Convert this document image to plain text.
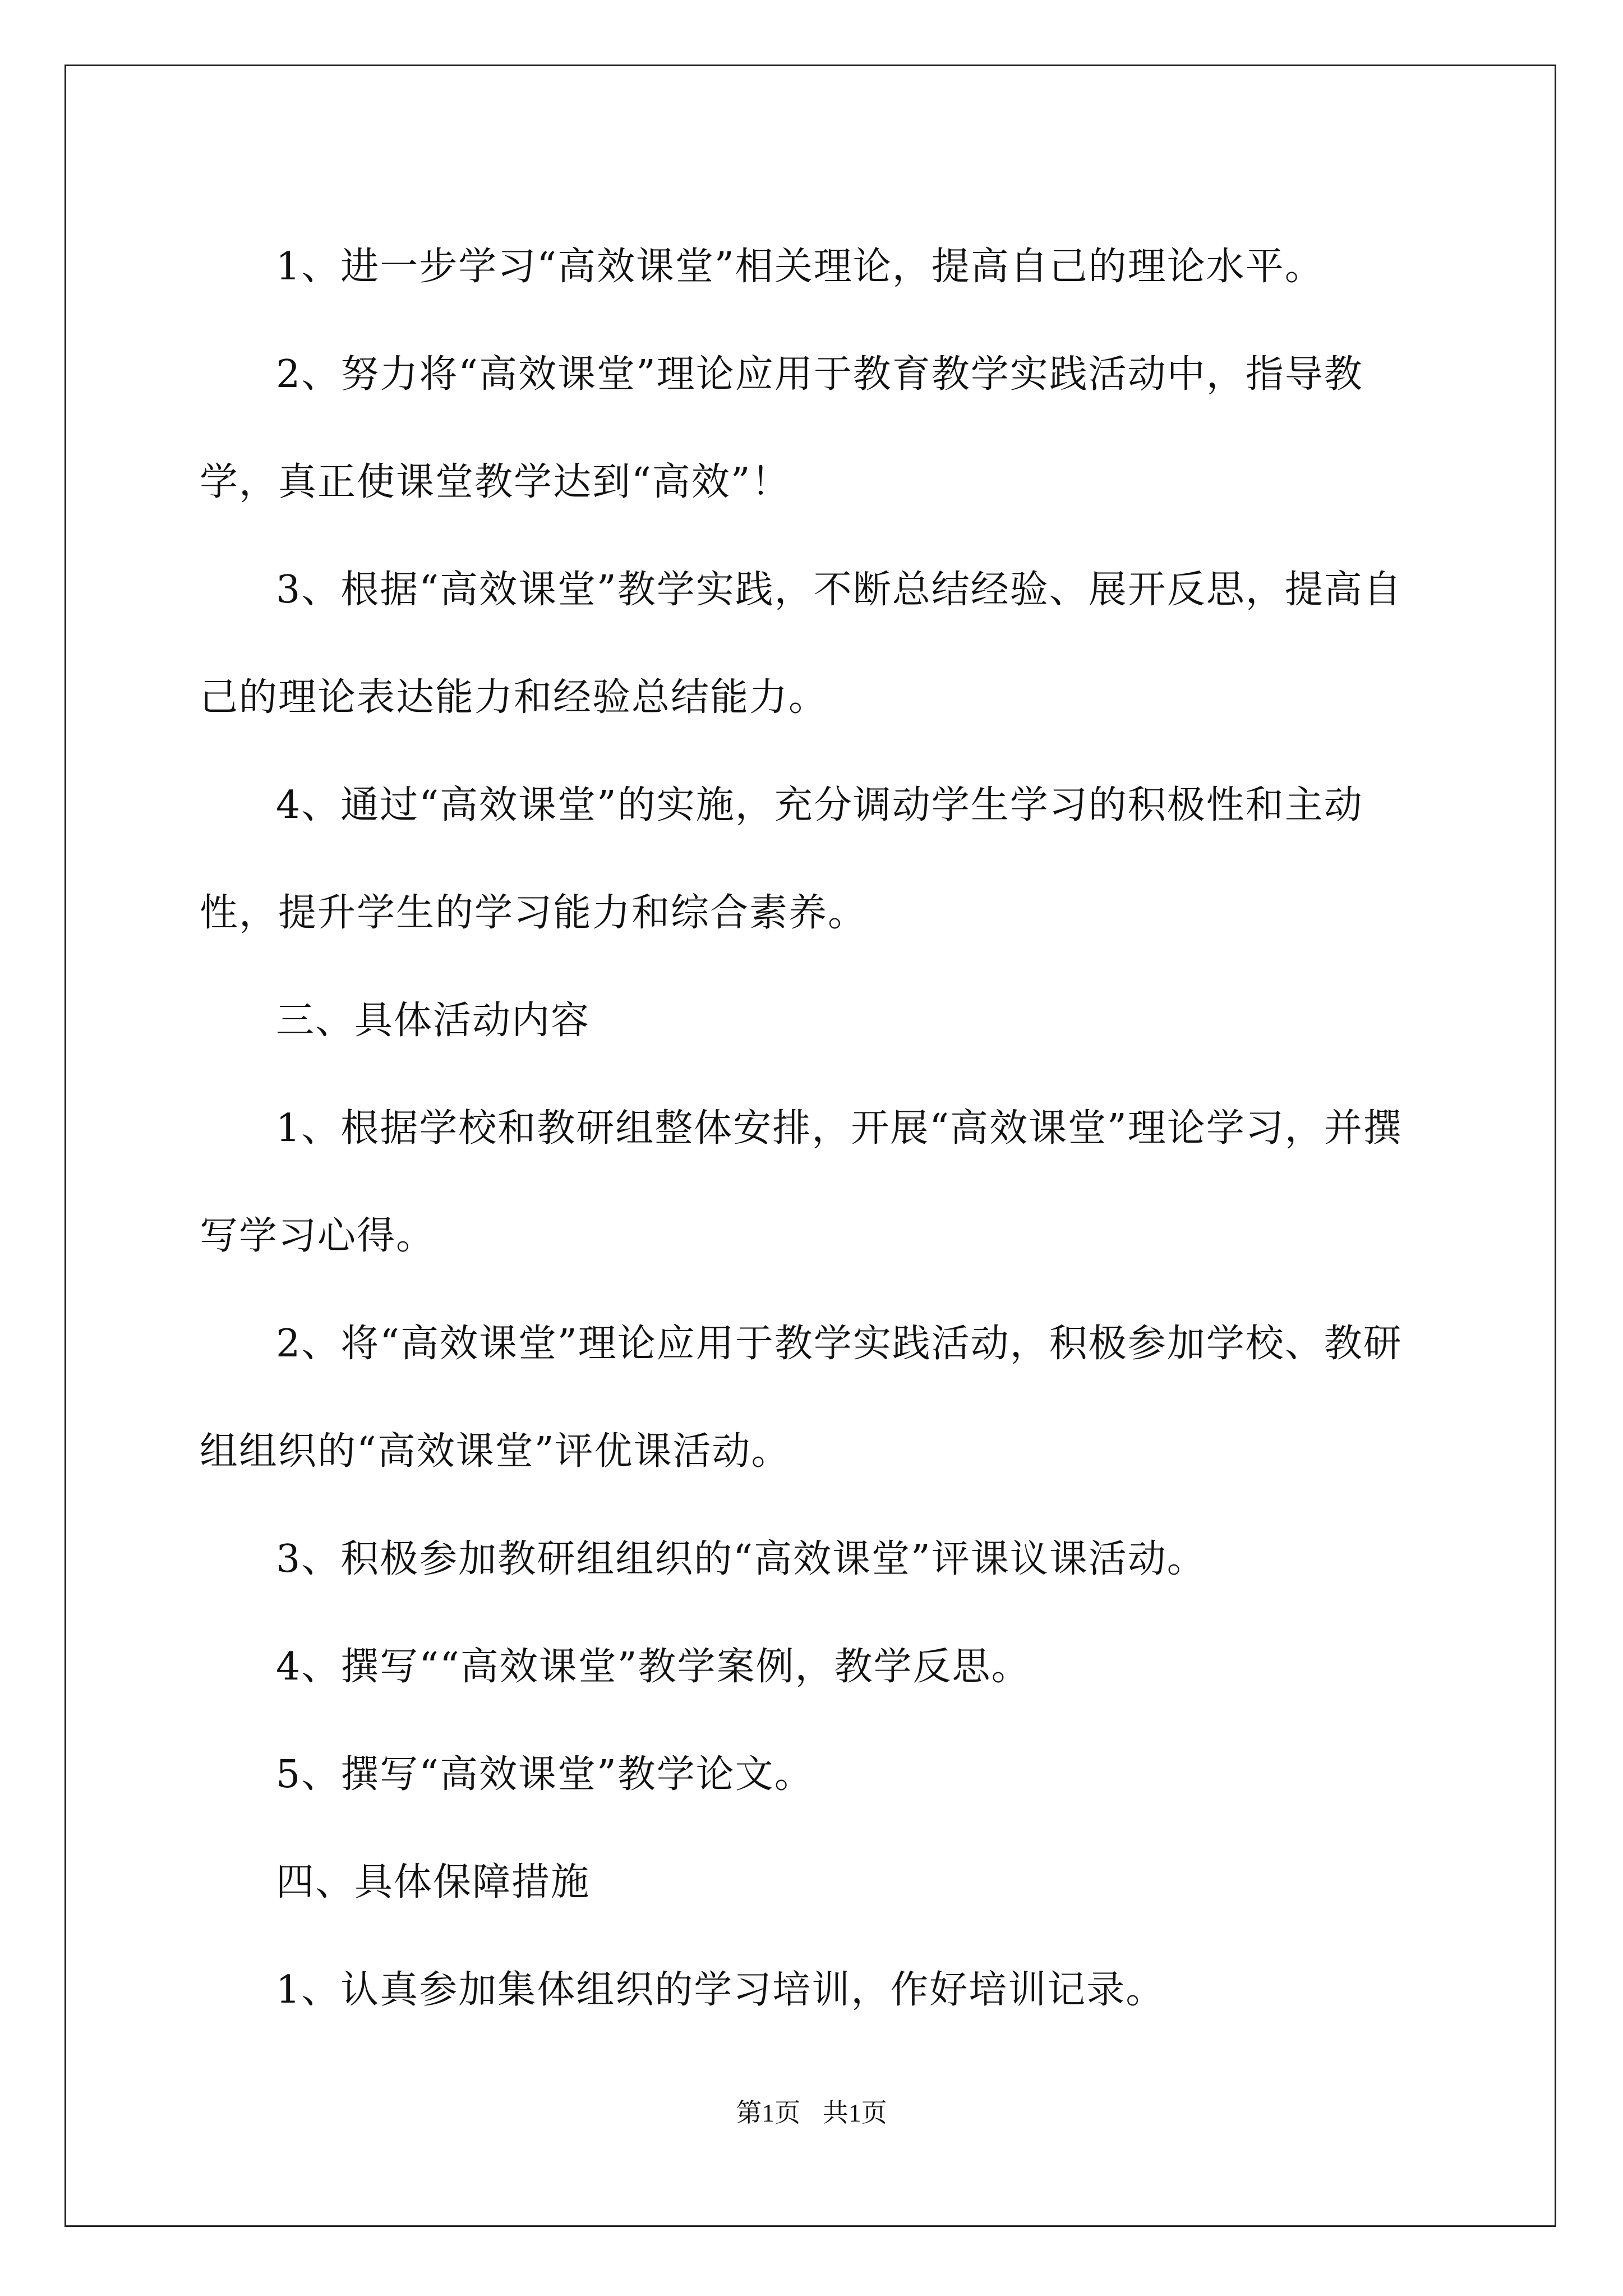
1、进一步学习“高效课堂”相关理论，提高自己的理论水平。

2、努力将“高效课堂”理论应用于教育教学实践活动中，指导教学，真正使课堂教学达到“高效”！

3、根据“高效课堂”教学实践，不断总结经验、展开反思，提高自己的理论表达能力和经验总结能力。

4、通过“高效课堂”的实施，充分调动学生学习的积极性和主动性，提升学生的学习能力和综合素养。

三、具体活动内容

1、根据学校和教研组整体安排，开展“高效课堂”理论学习，并撰写学习心得。

2、将“高效课堂”理论应用于教学实践活动，积极参加学校、教研组组织的“高效课堂”评优课活动。

3、积极参加教研组组织的“高效课堂”评课议课活动。

4、撰写““高效课堂”教学案例，教学反思。

5、撰写“高效课堂”教学论文。

四、具体保障措施

1、认真参加集体组织的学习培训，作好培训记录。

第1页 共1页
